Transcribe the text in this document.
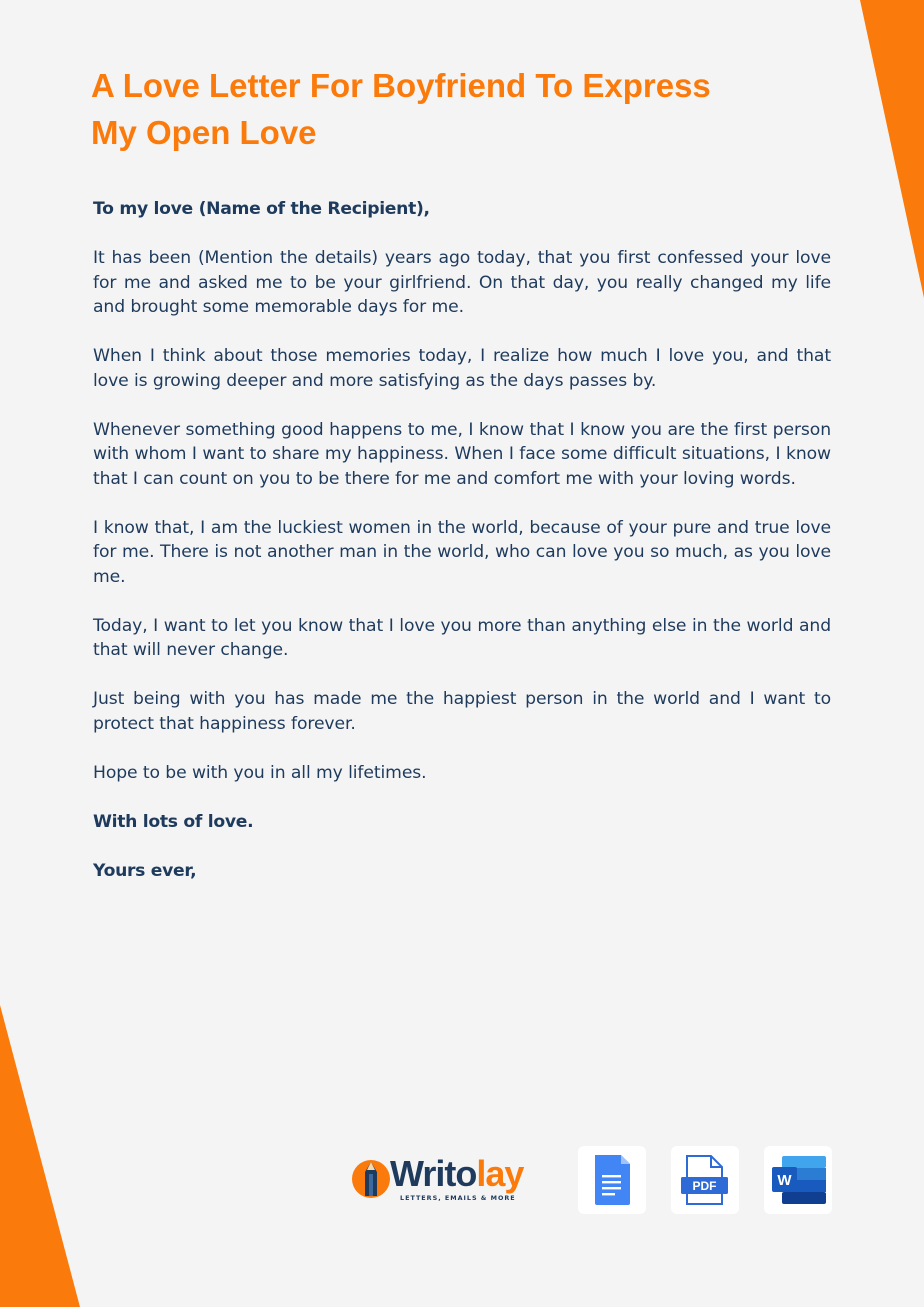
A Love Letter For Boyfriend To Express
My Open Love

To my love (Name of the Recipient),

It has been (Mention the details) years ago today, that you first confessed your love for me and asked me to be your girlfriend. On that day, you really changed my life and brought some memorable days for me.

When I think about those memories today, I realize how much I love you, and that love is growing deeper and more satisfying as the days passes by.

Whenever something good happens to me, I know that I know you are the first person with whom I want to share my happiness. When I face some difficult situations, I know that I can count on you to be there for me and comfort me with your loving words.

I know that, I am the luckiest women in the world, because of your pure and true love for me. There is not another man in the world, who can love you so much, as you love me.

Today, I want to let you know that I love you more than anything else in the world and that will never change.

Just being with you has made me the happiest person in the world and I want to protect that happiness forever.

Hope to be with you in all my lifetimes.

With lots of love.

Yours ever,

Writolay
LETTERS, EMAILS & MORE
PDF	W
